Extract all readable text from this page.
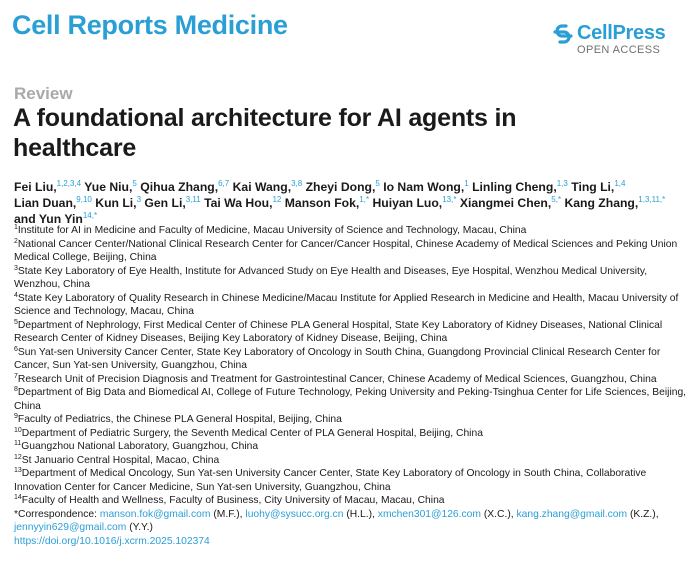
Cell Reports Medicine	CellPress
OPEN ACCESS
Review
A foundational architecture for AI agents in healthcare
Fei Liu,$^{1,2,3,4}$ Yue Niu,$^5$ Qihua Zhang,$^{6,7}$ Kai Wang,$^{3,8}$ Zheyi Dong,$^5$ Io Nam Wong,$^1$ Linling Cheng,$^{1,3}$ Ting Li,$^{1,4}$ Lian Duan,$^{9,10}$ Kun Li,$^3$ Gen Li,$^{3,11}$ Tai Wa Hou,$^{12}$ Manson Fok,$^{1,*}$ Huiyan Luo,$^{13,*}$ Xiangmei Chen,$^{5,*}$ Kang Zhang,$^{1,3,11,*}$ and Yun Yin$^{14,*}$
$^1$Institute for AI in Medicine and Faculty of Medicine, Macau University of Science and Technology, Macau, China
$^2$National Cancer Center/National Clinical Research Center for Cancer/Cancer Hospital, Chinese Academy of Medical Sciences and Peking Union Medical College, Beijing, China
$^3$State Key Laboratory of Eye Health, Institute for Advanced Study on Eye Health and Diseases, Eye Hospital, Wenzhou Medical University, Wenzhou, China
$^4$State Key Laboratory of Quality Research in Chinese Medicine/Macau Institute for Applied Research in Medicine and Health, Macau University of Science and Technology, Macau, China
$^5$Department of Nephrology, First Medical Center of Chinese PLA General Hospital, State Key Laboratory of Kidney Diseases, National Clinical Research Center of Kidney Diseases, Beijing Key Laboratory of Kidney Disease, Beijing, China
$^6$Sun Yat-sen University Cancer Center, State Key Laboratory of Oncology in South China, Guangdong Provincial Clinical Research Center for Cancer, Sun Yat-sen University, Guangzhou, China
$^7$Research Unit of Precision Diagnosis and Treatment for Gastrointestinal Cancer, Chinese Academy of Medical Sciences, Guangzhou, China
$^8$Department of Big Data and Biomedical AI, College of Future Technology, Peking University and Peking-Tsinghua Center for Life Sciences, Beijing, China
$^9$Faculty of Pediatrics, the Chinese PLA General Hospital, Beijing, China
$^{10}$Department of Pediatric Surgery, the Seventh Medical Center of PLA General Hospital, Beijing, China
$^{11}$Guangzhou National Laboratory, Guangzhou, China
$^{12}$St Januario Central Hospital, Macao, China
$^{13}$Department of Medical Oncology, Sun Yat-sen University Cancer Center, State Key Laboratory of Oncology in South China, Collaborative Innovation Center for Cancer Medicine, Sun Yat-sen University, Guangzhou, China
$^{14}$Faculty of Health and Wellness, Faculty of Business, City University of Macau, Macau, China
*Correspondence: manson.fok@gmail.com (M.F.), luohy@sysucc.org.cn (H.L.), xmchen301@126.com (X.C.), kang.zhang@gmail.com (K.Z.), jennyyin629@gmail.com (Y.Y.)
https://doi.org/10.1016/j.xcrm.2025.102374
